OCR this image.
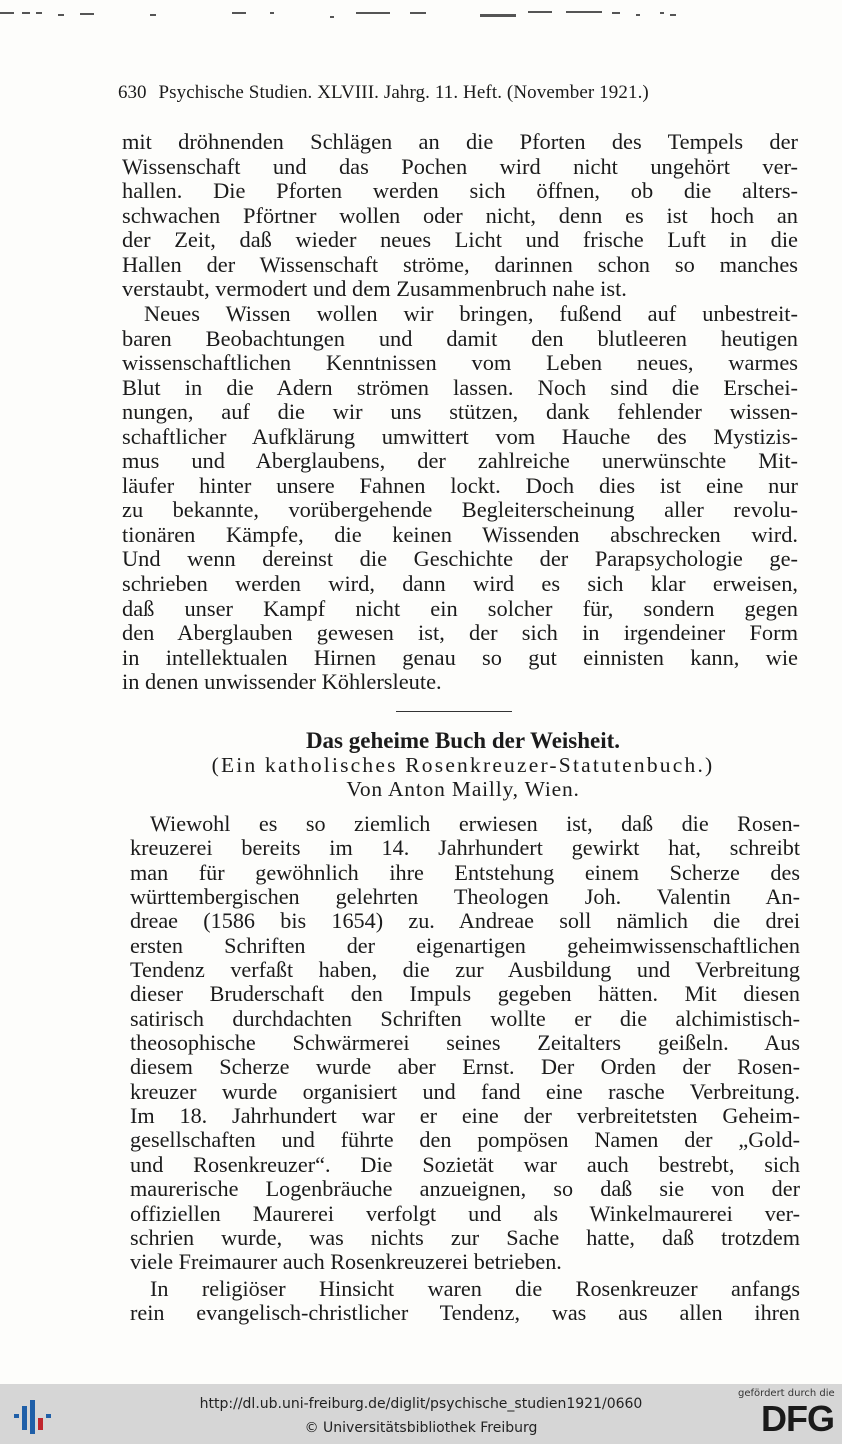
630 Psychische Studien. XLVIII. Jahrg. 11. Heft. (November 1921.)
mit dröhnenden Schlägen an die Pforten des Tempels der
Wissenschaft und das Pochen wird nicht ungehört ver-
hallen. Die Pforten werden sich öffnen, ob die alters-
schwachen Pförtner wollen oder nicht, denn es ist hoch an
der Zeit, daß wieder neues Licht und frische Luft in die
Hallen der Wissenschaft ströme, darinnen schon so manches
verstaubt, vermodert und dem Zusammenbruch nahe ist.
Neues Wissen wollen wir bringen, fußend auf unbestreit-
baren Beobachtungen und damit den blutleeren heutigen
wissenschaftlichen Kenntnissen vom Leben neues, warmes
Blut in die Adern strömen lassen. Noch sind die Erschei-
nungen, auf die wir uns stützen, dank fehlender wissen-
schaftlicher Aufklärung umwittert vom Hauche des Mystizis-
mus und Aberglaubens, der zahlreiche unerwünschte Mit-
läufer hinter unsere Fahnen lockt. Doch dies ist eine nur
zu bekannte, vorübergehende Begleiterscheinung aller revolu-
tionären Kämpfe, die keinen Wissenden abschrecken wird.
Und wenn dereinst die Geschichte der Parapsychologie ge-
schrieben werden wird, dann wird es sich klar erweisen,
daß unser Kampf nicht ein solcher für, sondern gegen
den Aberglauben gewesen ist, der sich in irgendeiner Form
in intellektualen Hirnen genau so gut einnisten kann, wie
in denen unwissender Köhlersleute.
Das geheime Buch der Weisheit.
(Ein katholisches Rosenkreuzer-Statutenbuch.)
Von Anton Mailly, Wien.
Wiewohl es so ziemlich erwiesen ist, daß die Rosen-
kreuzerei bereits im 14. Jahrhundert gewirkt hat, schreibt
man für gewöhnlich ihre Entstehung einem Scherze des
württembergischen gelehrten Theologen Joh. Valentin An-
dreae (1586 bis 1654) zu. Andreae soll nämlich die drei
ersten Schriften der eigenartigen geheimwissenschaftlichen
Tendenz verfaßt haben, die zur Ausbildung und Verbreitung
dieser Bruderschaft den Impuls gegeben hätten. Mit diesen
satirisch durchdachten Schriften wollte er die alchimistisch-
theosophische Schwärmerei seines Zeitalters geißeln. Aus
diesem Scherze wurde aber Ernst. Der Orden der Rosen-
kreuzer wurde organisiert und fand eine rasche Verbreitung.
Im 18. Jahrhundert war er eine der verbreitetsten Geheim-
gesellschaften und führte den pompösen Namen der „Gold-
und Rosenkreuzer“. Die Sozietät war auch bestrebt, sich
maurerische Logenbräuche anzueignen, so daß sie von der
offiziellen Maurerei verfolgt und als Winkelmaurerei ver-
schrien wurde, was nichts zur Sache hatte, daß trotzdem
viele Freimaurer auch Rosenkreuzerei betrieben.
In religiöser Hinsicht waren die Rosenkreuzer anfangs
rein evangelisch-christlicher Tendenz, was aus allen ihren
http://dl.ub.uni-freiburg.de/diglit/psychische_studien1921/0660
© Universitätsbibliothek Freiburg
gefördert durch die
DFG
